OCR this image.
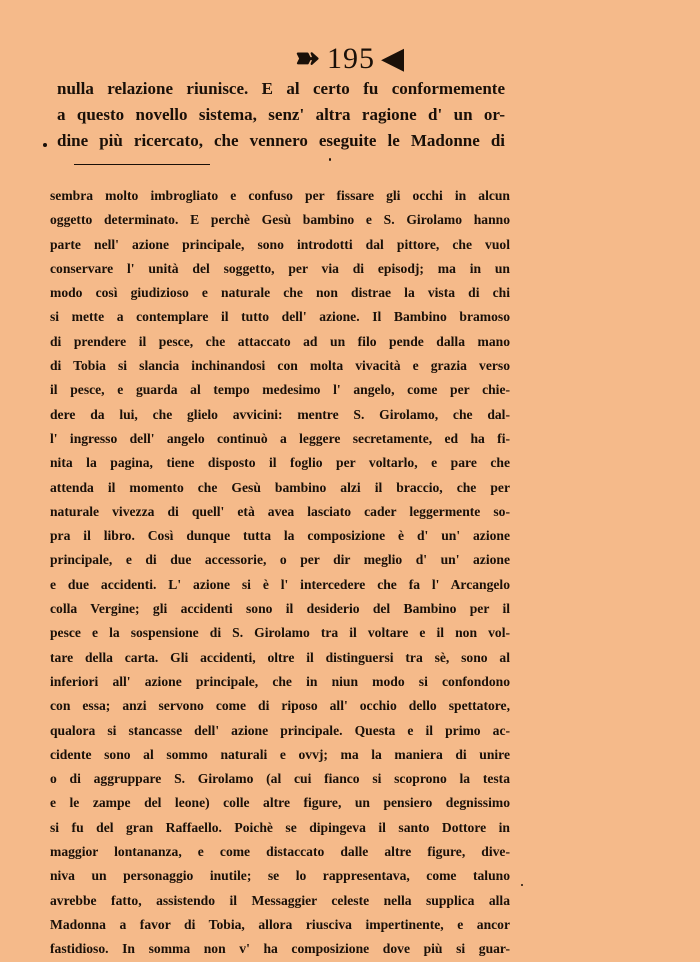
➽ 195 ◀
nulla relazione riunisce. E al certo fu conformemente
a questo novello sistema, senz' altra ragione d' un or-
dine più ricercato, che vennero eseguite le Madonne di
sembra molto imbrogliato e confuso per fissare gli occhi in alcun
oggetto determinato. E perchè Gesù bambino e S. Girolamo hanno
parte nell' azione principale, sono introdotti dal pittore, che vuol
conservare l' unità del soggetto, per via di episodj; ma in un
modo così giudizioso e naturale che non distrae la vista di chi
si mette a contemplare il tutto dell' azione. Il Bambino bramoso
di prendere il pesce, che attaccato ad un filo pende dalla mano
di Tobia si slancia inchinandosi con molta vivacità e grazia verso
il pesce, e guarda al tempo medesimo l' angelo, come per chie-
dere da lui, che glielo avvicini: mentre S. Girolamo, che dal-
l' ingresso dell' angelo continuò a leggere secretamente, ed ha fi-
nita la pagina, tiene disposto il foglio per voltarlo, e pare che
attenda il momento che Gesù bambino alzi il braccio, che per
naturale vivezza di quell' età avea lasciato cader leggermente so-
pra il libro. Così dunque tutta la composizione è d' un' azione
principale, e di due accessorie, o per dir meglio d' un' azione
e due accidenti. L' azione si è l' intercedere che fa l' Arcangelo
colla Vergine; gli accidenti sono il desiderio del Bambino per il
pesce e la sospensione di S. Girolamo tra il voltare e il non vol-
tare della carta. Gli accidenti, oltre il distinguersi tra sè, sono al
inferiori all' azione principale, che in niun modo si confondono
con essa; anzi servono come di riposo all' occhio dello spettatore,
qualora si stancasse dell' azione principale. Questa e il primo ac-
cidente sono al sommo naturali e ovvj; ma la maniera di unire
o di aggruppare S. Girolamo (al cui fianco si scoprono la testa
e le zampe del leone) colle altre figure, un pensiero degnissimo
si fu del gran Raffaello. Poichè se dipingeva il santo Dottore in
maggior lontananza, e come distaccato dalle altre figure, dive-
niva un personaggio inutile; se lo rappresentava, come taluno
avrebbe fatto, assistendo il Messaggier celeste nella supplica alla
Madonna a favor di Tobia, allora riusciva impertinente, e ancor
fastidioso. In somma non v' ha composizione dove più si guar-
